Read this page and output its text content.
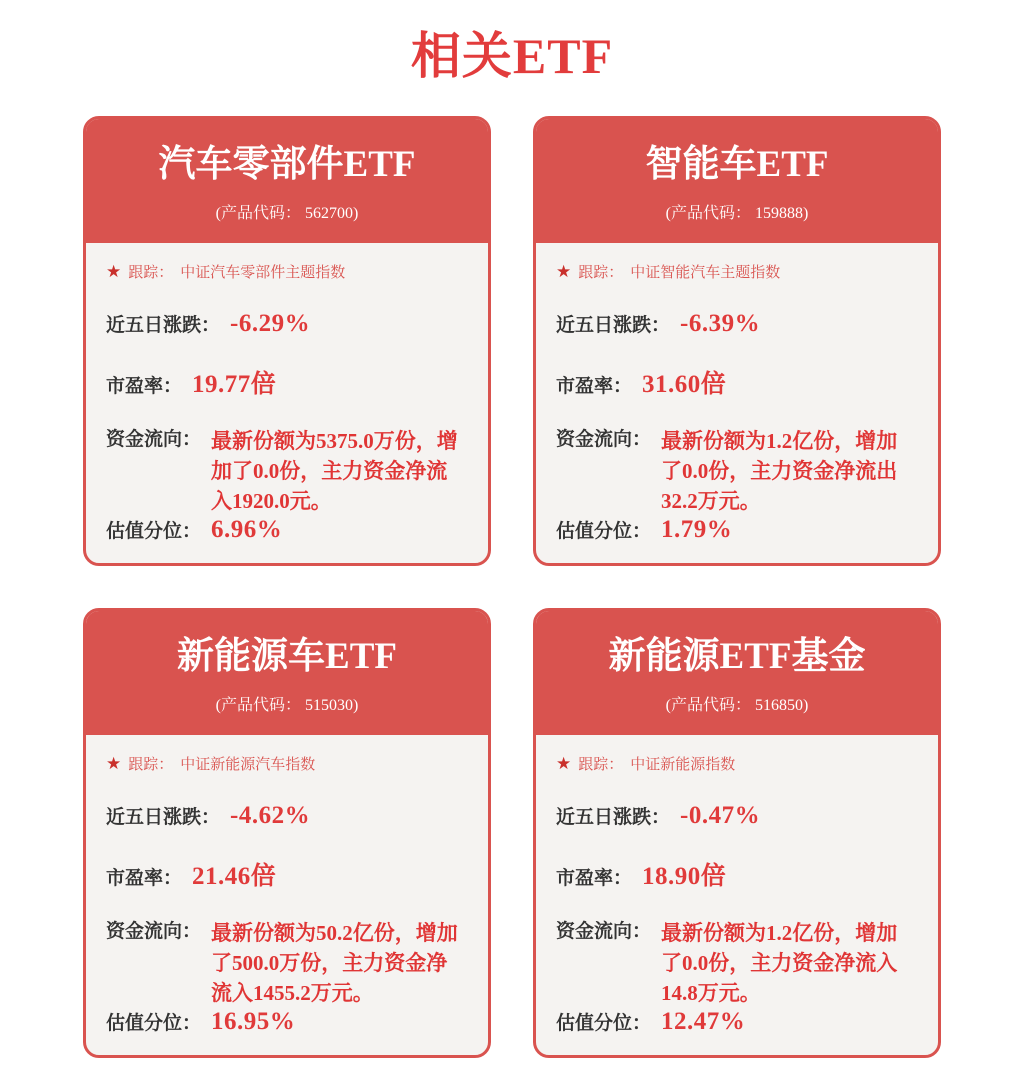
相关ETF
汽车零部件ETF
(产品代码： 562700)
★ 跟踪： 中证汽车零部件主题指数
近五日涨跌： -6.29%
市盈率： 19.77倍
资金流向： 最新份额为5375.0万份，增加了0.0份，主力资金净流入1920.0元。
估值分位： 6.96%
智能车ETF
(产品代码： 159888)
★ 跟踪： 中证智能汽车主题指数
近五日涨跌： -6.39%
市盈率： 31.60倍
资金流向： 最新份额为1.2亿份，增加了0.0份，主力资金净流出32.2万元。
估值分位： 1.79%
新能源车ETF
(产品代码： 515030)
★ 跟踪： 中证新能源汽车指数
近五日涨跌： -4.62%
市盈率： 21.46倍
资金流向： 最新份额为50.2亿份，增加了500.0万份，主力资金净流入1455.2万元。
估值分位： 16.95%
新能源ETF基金
(产品代码： 516850)
★ 跟踪： 中证新能源指数
近五日涨跌： -0.47%
市盈率： 18.90倍
资金流向： 最新份额为1.2亿份，增加了0.0份，主力资金净流入14.8万元。
估值分位： 12.47%
